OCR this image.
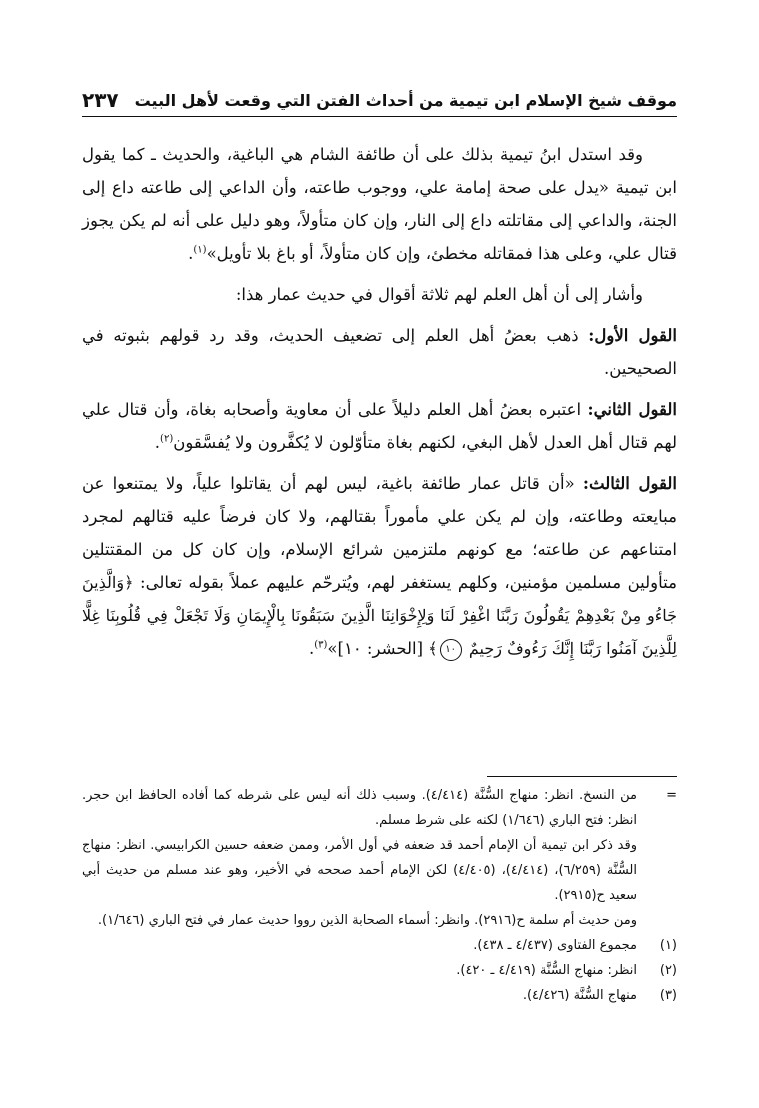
موقف شيخ الإسلام ابن تيمية من أحداث الفتن التي وقعت لأهل البيت
٢٣٧

وقد استدل ابنُ تيمية بذلك على أن طائفة الشام هي الباغية، والحديث ـ كما يقول ابن تيمية «يدل على صحة إمامة علي، ووجوب طاعته، وأن الداعي إلى طاعته داع إلى الجنة، والداعي إلى مقاتلته داع إلى النار، وإن كان متأولاً، وهو دليل على أنه لم يكن يجوز قتال علي، وعلى هذا فمقاتله مخطئ، وإن كان متأولاً، أو باغ بلا تأويل»$^{(١)}$.

وأشار إلى أن أهل العلم لهم ثلاثة أقوال في حديث عمار هذا:

القول الأول: ذهب بعضُ أهل العلم إلى تضعيف الحديث، وقد رد قولهم بثبوته في الصحيحين.

القول الثاني: اعتبره بعضُ أهل العلم دليلاً على أن معاوية وأصحابه بغاة، وأن قتال علي لهم قتال أهل العدل لأهل البغي، لكنهم بغاة متأوّلون لا يُكفَّرون ولا يُفسَّقون$^{(٢)}$.

القول الثالث: «أن قاتل عمار طائفة باغية، ليس لهم أن يقاتلوا علياً، ولا يمتنعوا عن مبايعته وطاعته، وإن لم يكن علي مأموراً بقتالهم، ولا كان فرضاً عليه قتالهم لمجرد امتناعهم عن طاعته؛ مع كونهم ملتزمين شرائع الإسلام، وإن كان كل من المقتتلين متأولين مسلمين مؤمنين، وكلهم يستغفر لهم، ويُترحّم عليهم عملاً بقوله تعالى: ﴿وَالَّذِينَ جَاءُو مِنْ بَعْدِهِمْ يَقُولُونَ رَبَّنَا اغْفِرْ لَنَا وَلِإِخْوَانِنَا الَّذِينَ سَبَقُونَا بِالْإِيمَانِ وَلَا تَجْعَلْ فِي قُلُوبِنَا غِلًّا لِلَّذِينَ آمَنُوا رَبَّنَا إِنَّكَ رَءُوفٌ رَحِيمٌ ١٠﴾ [الحشر: ١٠]»$^{(٣)}$.

=
من النسخ. انظر: منهاج السُّنَّة (٤/٤١٤). وسبب ذلك أنه ليس على شرطه كما أفاده الحافظ ابن حجر. انظر: فتح الباري (١/٦٤٦) لكنه على شرط مسلم.
وقد ذكر ابن تيمية أن الإمام أحمد قد ضعفه في أول الأمر، وممن ضعفه حسين الكرابيسي. انظر: منهاج السُّنَّة (٦/٢٥٩)، (٤/٤١٤)، (٤/٤٠٥) لكن الإمام أحمد صححه في الأخير، وهو عند مسلم من حديث أبي سعيد ح(٢٩١٥).
ومن حديث أم سلمة ح(٢٩١٦). وانظر: أسماء الصحابة الذين رووا حديث عمار في فتح الباري (١/٦٤٦).
(١)
مجموع الفتاوى (٤/٤٣٧ ـ ٤٣٨).
(٢)
انظر: منهاج السُّنَّة (٤/٤١٩ ـ ٤٢٠).
(٣)
منهاج السُّنَّة (٤/٤٢٦).
